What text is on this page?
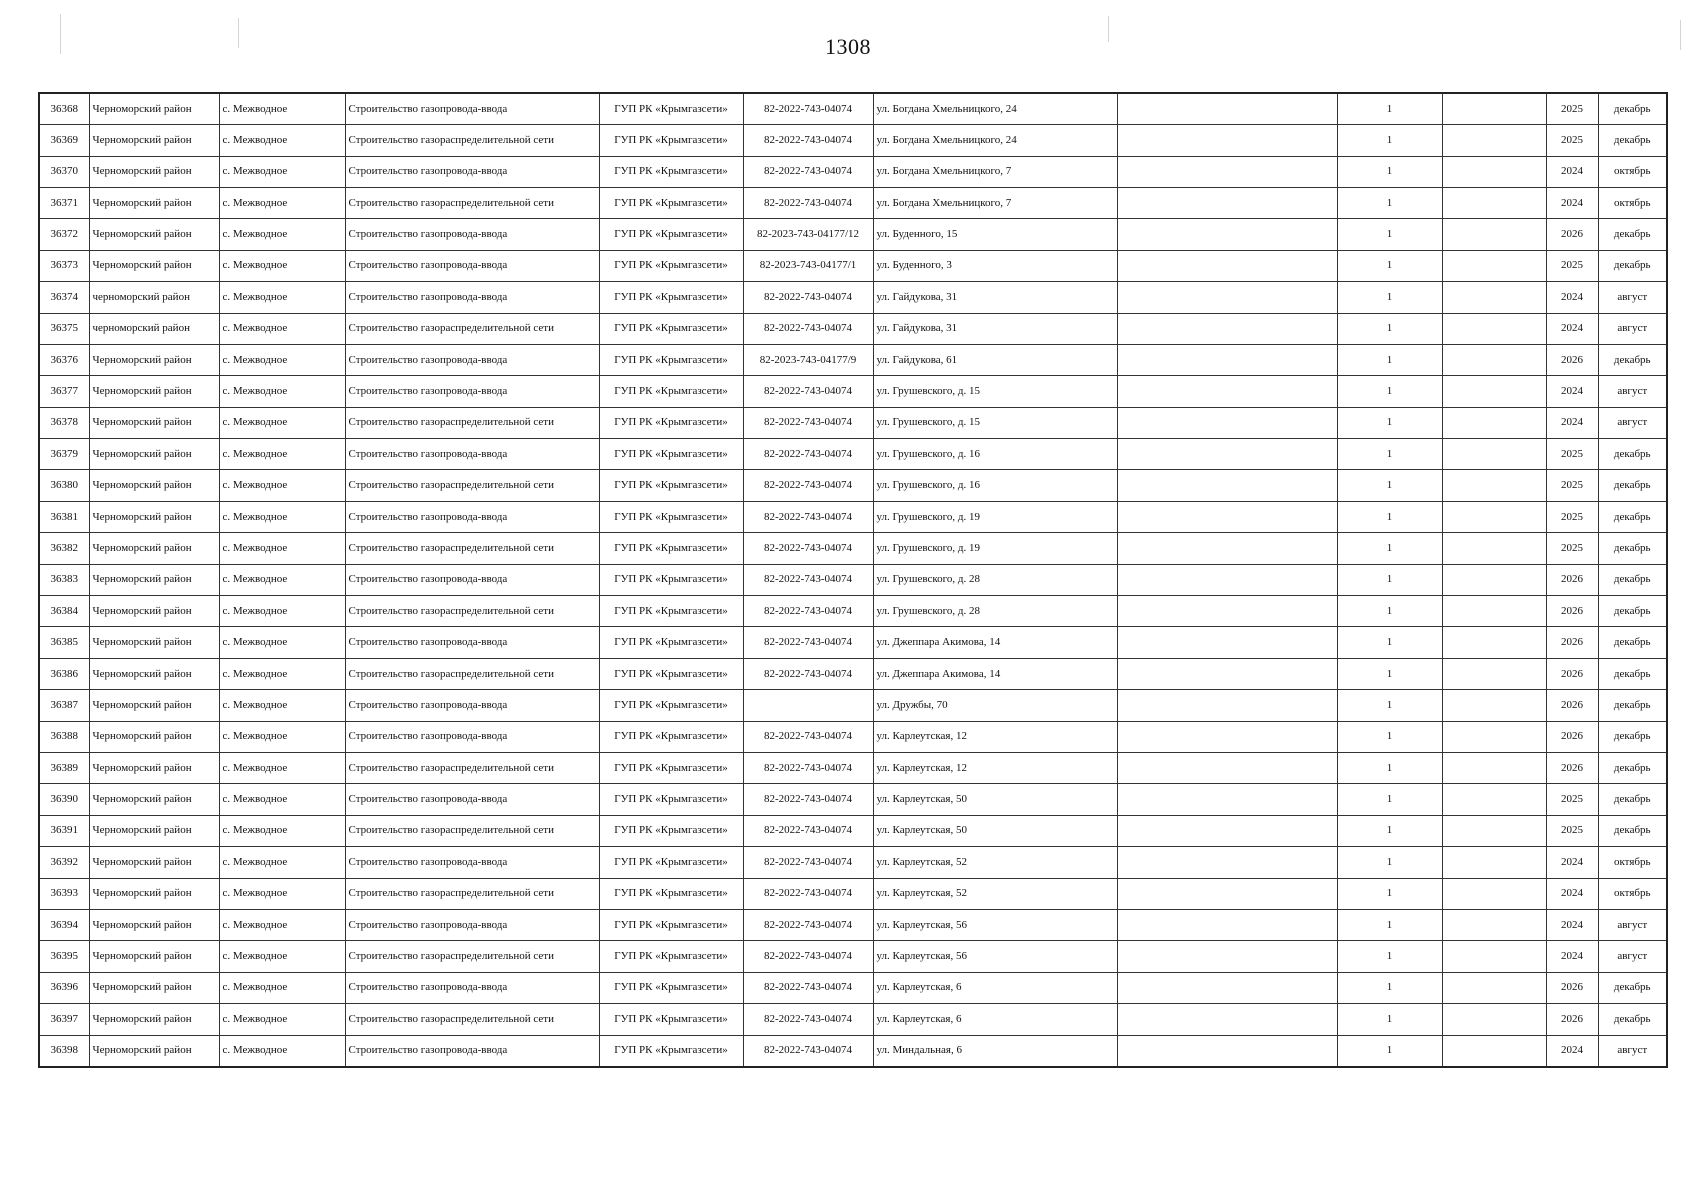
1308
36368	Черноморский район	с. Межводное	Строительство газопровода-ввода	ГУП РК «Крымгазсети»	82-2022-743-04074	ул. Богдана Хмельницкого, 24		1		2025	декабрь
36369	Черноморский район	с. Межводное	Строительство газораспределительной сети	ГУП РК «Крымгазсети»	82-2022-743-04074	ул. Богдана Хмельницкого, 24		1		2025	декабрь
36370	Черноморский район	с. Межводное	Строительство газопровода-ввода	ГУП РК «Крымгазсети»	82-2022-743-04074	ул. Богдана Хмельницкого, 7		1		2024	октябрь
36371	Черноморский район	с. Межводное	Строительство газораспределительной сети	ГУП РК «Крымгазсети»	82-2022-743-04074	ул. Богдана Хмельницкого, 7		1		2024	октябрь
36372	Черноморский район	с. Межводное	Строительство газопровода-ввода	ГУП РК «Крымгазсети»	82-2023-743-04177/12	ул. Буденного, 15		1		2026	декабрь
36373	Черноморский район	с. Межводное	Строительство газопровода-ввода	ГУП РК «Крымгазсети»	82-2023-743-04177/1	ул. Буденного, 3		1		2025	декабрь
36374	черноморский район	с. Межводное	Строительство газопровода-ввода	ГУП РК «Крымгазсети»	82-2022-743-04074	ул. Гайдукова, 31		1		2024	август
36375	черноморский район	с. Межводное	Строительство газораспределительной сети	ГУП РК «Крымгазсети»	82-2022-743-04074	ул. Гайдукова, 31		1		2024	август
36376	Черноморский район	с. Межводное	Строительство газопровода-ввода	ГУП РК «Крымгазсети»	82-2023-743-04177/9	ул. Гайдукова, 61		1		2026	декабрь
36377	Черноморский район	с. Межводное	Строительство газопровода-ввода	ГУП РК «Крымгазсети»	82-2022-743-04074	ул. Грушевского, д. 15		1		2024	август
36378	Черноморский район	с. Межводное	Строительство газораспределительной сети	ГУП РК «Крымгазсети»	82-2022-743-04074	ул. Грушевского, д. 15		1		2024	август
36379	Черноморский район	с. Межводное	Строительство газопровода-ввода	ГУП РК «Крымгазсети»	82-2022-743-04074	ул. Грушевского, д. 16		1		2025	декабрь
36380	Черноморский район	с. Межводное	Строительство газораспределительной сети	ГУП РК «Крымгазсети»	82-2022-743-04074	ул. Грушевского, д. 16		1		2025	декабрь
36381	Черноморский район	с. Межводное	Строительство газопровода-ввода	ГУП РК «Крымгазсети»	82-2022-743-04074	ул. Грушевского, д. 19		1		2025	декабрь
36382	Черноморский район	с. Межводное	Строительство газораспределительной сети	ГУП РК «Крымгазсети»	82-2022-743-04074	ул. Грушевского, д. 19		1		2025	декабрь
36383	Черноморский район	с. Межводное	Строительство газопровода-ввода	ГУП РК «Крымгазсети»	82-2022-743-04074	ул. Грушевского, д. 28		1		2026	декабрь
36384	Черноморский район	с. Межводное	Строительство газораспределительной сети	ГУП РК «Крымгазсети»	82-2022-743-04074	ул. Грушевского, д. 28		1		2026	декабрь
36385	Черноморский район	с. Межводное	Строительство газопровода-ввода	ГУП РК «Крымгазсети»	82-2022-743-04074	ул. Джеппара Акимова, 14		1		2026	декабрь
36386	Черноморский район	с. Межводное	Строительство газораспределительной сети	ГУП РК «Крымгазсети»	82-2022-743-04074	ул. Джеппара Акимова, 14		1		2026	декабрь
36387	Черноморский район	с. Межводное	Строительство газопровода-ввода	ГУП РК «Крымгазсети»		ул. Дружбы, 70		1		2026	декабрь
36388	Черноморский район	с. Межводное	Строительство газопровода-ввода	ГУП РК «Крымгазсети»	82-2022-743-04074	ул. Карлеутская, 12		1		2026	декабрь
36389	Черноморский район	с. Межводное	Строительство газораспределительной сети	ГУП РК «Крымгазсети»	82-2022-743-04074	ул. Карлеутская, 12		1		2026	декабрь
36390	Черноморский район	с. Межводное	Строительство газопровода-ввода	ГУП РК «Крымгазсети»	82-2022-743-04074	ул. Карлеутская, 50		1		2025	декабрь
36391	Черноморский район	с. Межводное	Строительство газораспределительной сети	ГУП РК «Крымгазсети»	82-2022-743-04074	ул. Карлеутская, 50		1		2025	декабрь
36392	Черноморский район	с. Межводное	Строительство газопровода-ввода	ГУП РК «Крымгазсети»	82-2022-743-04074	ул. Карлеутская, 52		1		2024	октябрь
36393	Черноморский район	с. Межводное	Строительство газораспределительной сети	ГУП РК «Крымгазсети»	82-2022-743-04074	ул. Карлеутская, 52		1		2024	октябрь
36394	Черноморский район	с. Межводное	Строительство газопровода-ввода	ГУП РК «Крымгазсети»	82-2022-743-04074	ул. Карлеутская, 56		1		2024	август
36395	Черноморский район	с. Межводное	Строительство газораспределительной сети	ГУП РК «Крымгазсети»	82-2022-743-04074	ул. Карлеутская, 56		1		2024	август
36396	Черноморский район	с. Межводное	Строительство газопровода-ввода	ГУП РК «Крымгазсети»	82-2022-743-04074	ул. Карлеутская, 6		1		2026	декабрь
36397	Черноморский район	с. Межводное	Строительство газораспределительной сети	ГУП РК «Крымгазсети»	82-2022-743-04074	ул. Карлеутская, 6		1		2026	декабрь
36398	Черноморский район	с. Межводное	Строительство газопровода-ввода	ГУП РК «Крымгазсети»	82-2022-743-04074	ул. Миндальная, 6		1		2024	август
